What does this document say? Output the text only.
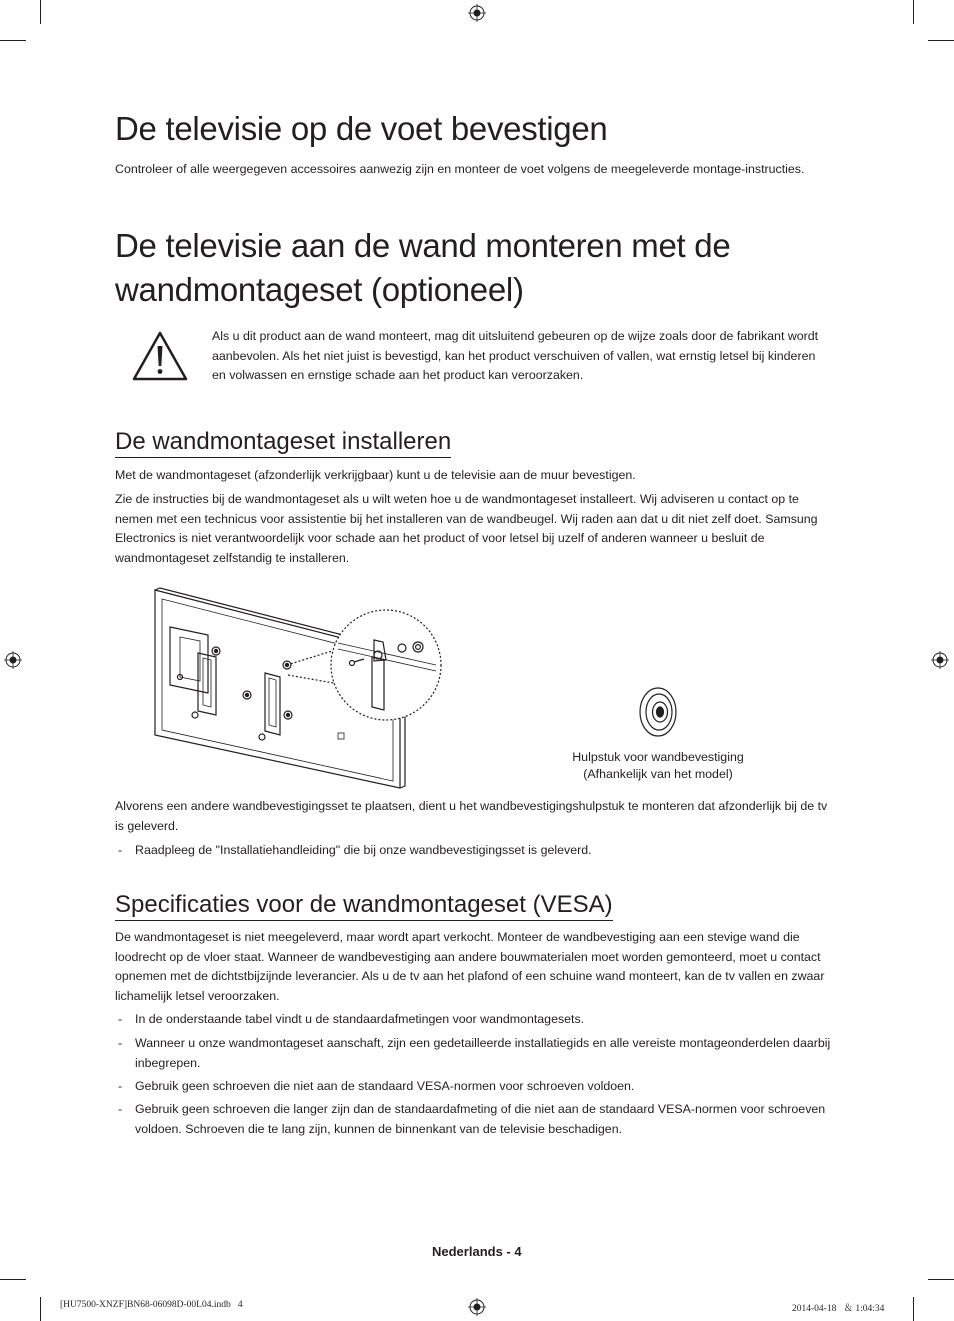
De televisie op de voet bevestigen

Controleer of alle weergegeven accessoires aanwezig zijn en monteer de voet volgens de meegeleverde montage-instructies.

De televisie aan de wand monteren met de
wandmontageset (optioneel)

Als u dit product aan de wand monteert, mag dit uitsluitend gebeuren op de wijze zoals door de fabrikant wordt aanbevolen. Als het niet juist is bevestigd, kan het product verschuiven of vallen, wat ernstig letsel bij kinderen en volwassen en ernstige schade aan het product kan veroorzaken.

De wandmontageset installeren

Met de wandmontageset (afzonderlijk verkrijgbaar) kunt u de televisie aan de muur bevestigen.

Zie de instructies bij de wandmontageset als u wilt weten hoe u de wandmontageset installeert. Wij adviseren u contact op te nemen met een technicus voor assistentie bij het installeren van de wandbeugel. Wij raden aan dat u dit niet zelf doet. Samsung Electronics is niet verantwoordelijk voor schade aan het product of voor letsel bij uzelf of anderen wanneer u besluit de wandmontageset zelfstandig te installeren.

Hulpstuk voor wandbevestiging
(Afhankelijk van het model)

Alvorens een andere wandbevestigingsset te plaatsen, dient u het wandbevestigingshulpstuk te monteren dat afzonderlijk bij de tv is geleverd.

- Raadpleeg de "Installatiehandleiding" die bij onze wandbevestigingsset is geleverd.

Specificaties voor de wandmontageset (VESA)

De wandmontageset is niet meegeleverd, maar wordt apart verkocht. Monteer de wandbevestiging aan een stevige wand die loodrecht op de vloer staat. Wanneer de wandbevestiging aan andere bouwmaterialen moet worden gemonteerd, moet u contact opnemen met de dichtstbijzijnde leverancier. Als u de tv aan het plafond of een schuine wand monteert, kan de tv vallen en zwaar lichamelijk letsel veroorzaken.

- In de onderstaande tabel vindt u de standaardafmetingen voor wandmontagesets.

- Wanneer u onze wandmontageset aanschaft, zijn een gedetailleerde installatiegids en alle vereiste montageonderdelen daarbij inbegrepen.

- Gebruik geen schroeven die niet aan de standaard VESA-normen voor schroeven voldoen.

- Gebruik geen schroeven die langer zijn dan de standaardafmeting of die niet aan de standaard VESA-normen voor schroeven voldoen. Schroeven die te lang zijn, kunnen de binnenkant van de televisie beschadigen.

Nederlands - 4
[HU7500-XNZF]BN68-06098D-00L04.indb   4	2014-04-18   ＆ 1:04:34
